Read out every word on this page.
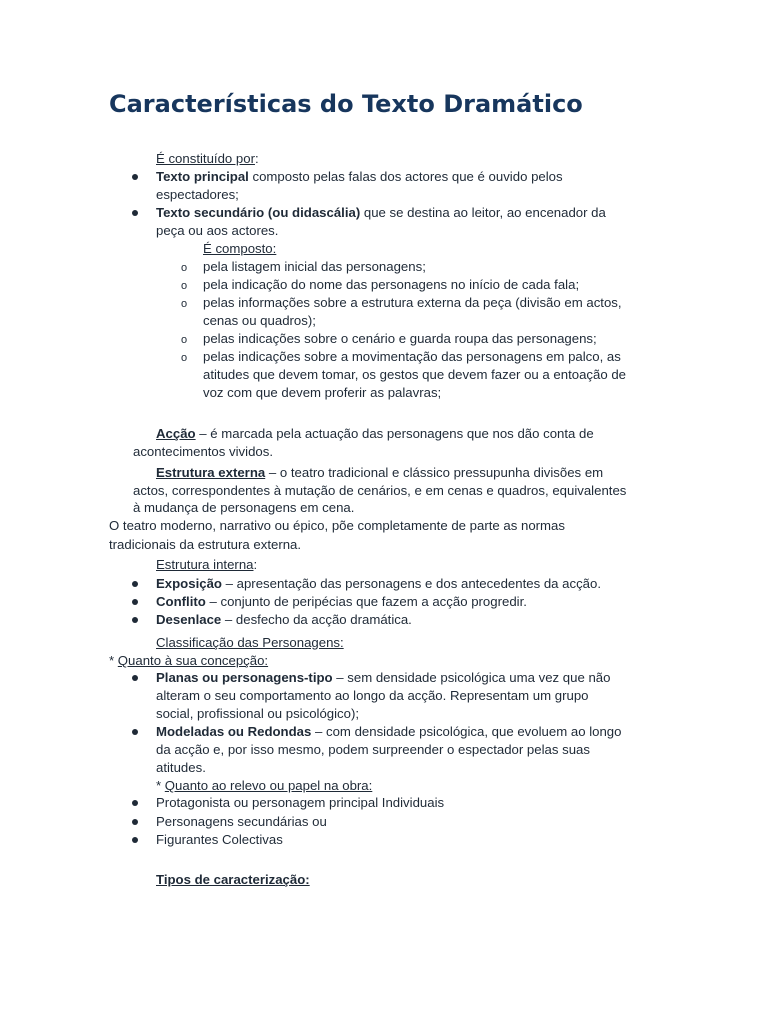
Características do Texto Dramático
É constituído por:
Texto principal composto pelas falas dos actores que é ouvido pelos
espectadores;
Texto secundário (ou didascália) que se destina ao leitor, ao encenador da
peça ou aos actores.
É composto:
o pela listagem inicial das personagens;
o pela indicação do nome das personagens no início de cada fala;
o pelas informações sobre a estrutura externa da peça (divisão em actos,
cenas ou quadros);
o pelas indicações sobre o cenário e guarda roupa das personagens;
o pelas indicações sobre a movimentação das personagens em palco, as
atitudes que devem tomar, os gestos que devem fazer ou a entoação de
voz com que devem proferir as palavras;
Acção – é marcada pela actuação das personagens que nos dão conta de
acontecimentos vividos.
Estrutura externa – o teatro tradicional e clássico pressupunha divisões em
actos, correspondentes à mutação de cenários, e em cenas e quadros, equivalentes
à mudança de personagens em cena.
O teatro moderno, narrativo ou épico, põe completamente de parte as normas
tradicionais da estrutura externa.
Estrutura interna:
Exposição – apresentação das personagens e dos antecedentes da acção.
Conflito – conjunto de peripécias que fazem a acção progredir.
Desenlace – desfecho da acção dramática.
Classificação das Personagens:
* Quanto à sua concepção:
Planas ou personagens-tipo – sem densidade psicológica uma vez que não
alteram o seu comportamento ao longo da acção. Representam um grupo
social, profissional ou psicológico);
Modeladas ou Redondas – com densidade psicológica, que evoluem ao longo
da acção e, por isso mesmo, podem surpreender o espectador pelas suas
atitudes.
* Quanto ao relevo ou papel na obra:
Protagonista ou personagem principal Individuais
Personagens secundárias ou
Figurantes Colectivas
Tipos de caracterização:
